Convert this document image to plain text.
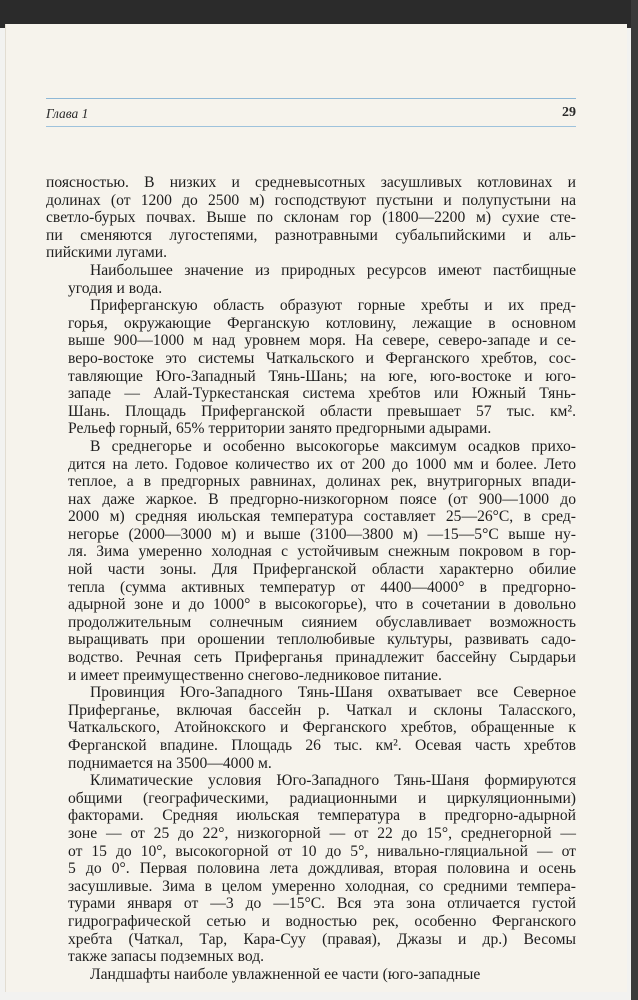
Глава 1	29
поясностью. В низких и средневысотных засушливых котловинах и
долинах (от 1200 до 2500 м) господствуют пустыни и полупустыни на
светло-бурых почвах. Выше по склонам гор (1800—2200 м) сухие сте-
пи сменяются лугостепями, разнотравными субальпийскими и аль-
пийскими лугами.
Наибольшее значение из природных ресурсов имеют пастбищные
угодия и вода.
Приферганскую область образуют горные хребты и их пред-
горья, окружающие Ферганскую котловину, лежащие в основном
выше 900—1000 м над уровнем моря. На севере, северо-западе и се-
веро-востоке это системы Чаткальского и Ферганского хребтов, сос-
тавляющие Юго-Западный Тянь-Шань; на юге, юго-востоке и юго-
западе — Алай-Туркестанская система хребтов или Южный Тянь-
Шань. Площадь Приферганской области превышает 57 тыс. км².
Рельеф горный, 65% территории занято предгорными адырами.
В среднегорье и особенно высокогорье максимум осадков прихо-
дится на лето. Годовое количество их от 200 до 1000 мм и более. Лето
теплое, а в предгорных равнинах, долинах рек, внутригорных впади-
нах даже жаркое. В предгорно-низкогорном поясе (от 900—1000 до
2000 м) средняя июльская температура составляет 25—26°С, в сред-
негорье (2000—3000 м) и выше (3100—3800 м) —15—5°С выше ну-
ля. Зима умеренно холодная с устойчивым снежным покровом в гор-
ной части зоны. Для Приферганской области характерно обилие
тепла (сумма активных температур от 4400—4000° в предгорно-
адырной зоне и до 1000° в высокогорье), что в сочетании в довольно
продолжительным солнечным сиянием обуславливает возможность
выращивать при орошении теплолюбивые культуры, развивать садо-
водство. Речная сеть Приферганья принадлежит бассейну Сырдарьи
и имеет преимущественно снегово-ледниковое питание.
Провинция Юго-Западного Тянь-Шаня охватывает все Северное
Приферганье, включая бассейн р. Чаткал и склоны Таласского,
Чаткальского, Атойнокского и Ферганского хребтов, обращенные к
Ферганской впадине. Площадь 26 тыс. км². Осевая часть хребтов
поднимается на 3500—4000 м.
Климатические условия Юго-Западного Тянь-Шаня формируются
общими (географическими, радиационными и циркуляционными)
факторами. Средняя июльская температура в предгорно-адырной
зоне — от 25 до 22°, низкогорной — от 22 до 15°, среднегорной —
от 15 до 10°, высокогорной от 10 до 5°, нивально-гляциальной — от
5 до 0°. Первая половина лета дождливая, вторая половина и осень
засушливые. Зима в целом умеренно холодная, со средними темпера-
турами января от —3 до —15°С. Вся эта зона отличается густой
гидрографической сетью и водностью рек, особенно Ферганского
хребта (Чаткал, Тар, Кара-Суу (правая), Джазы и др.) Весомы
также запасы подземных вод.
Ландшафты наиболе увлажненной ее части (юго-западные
